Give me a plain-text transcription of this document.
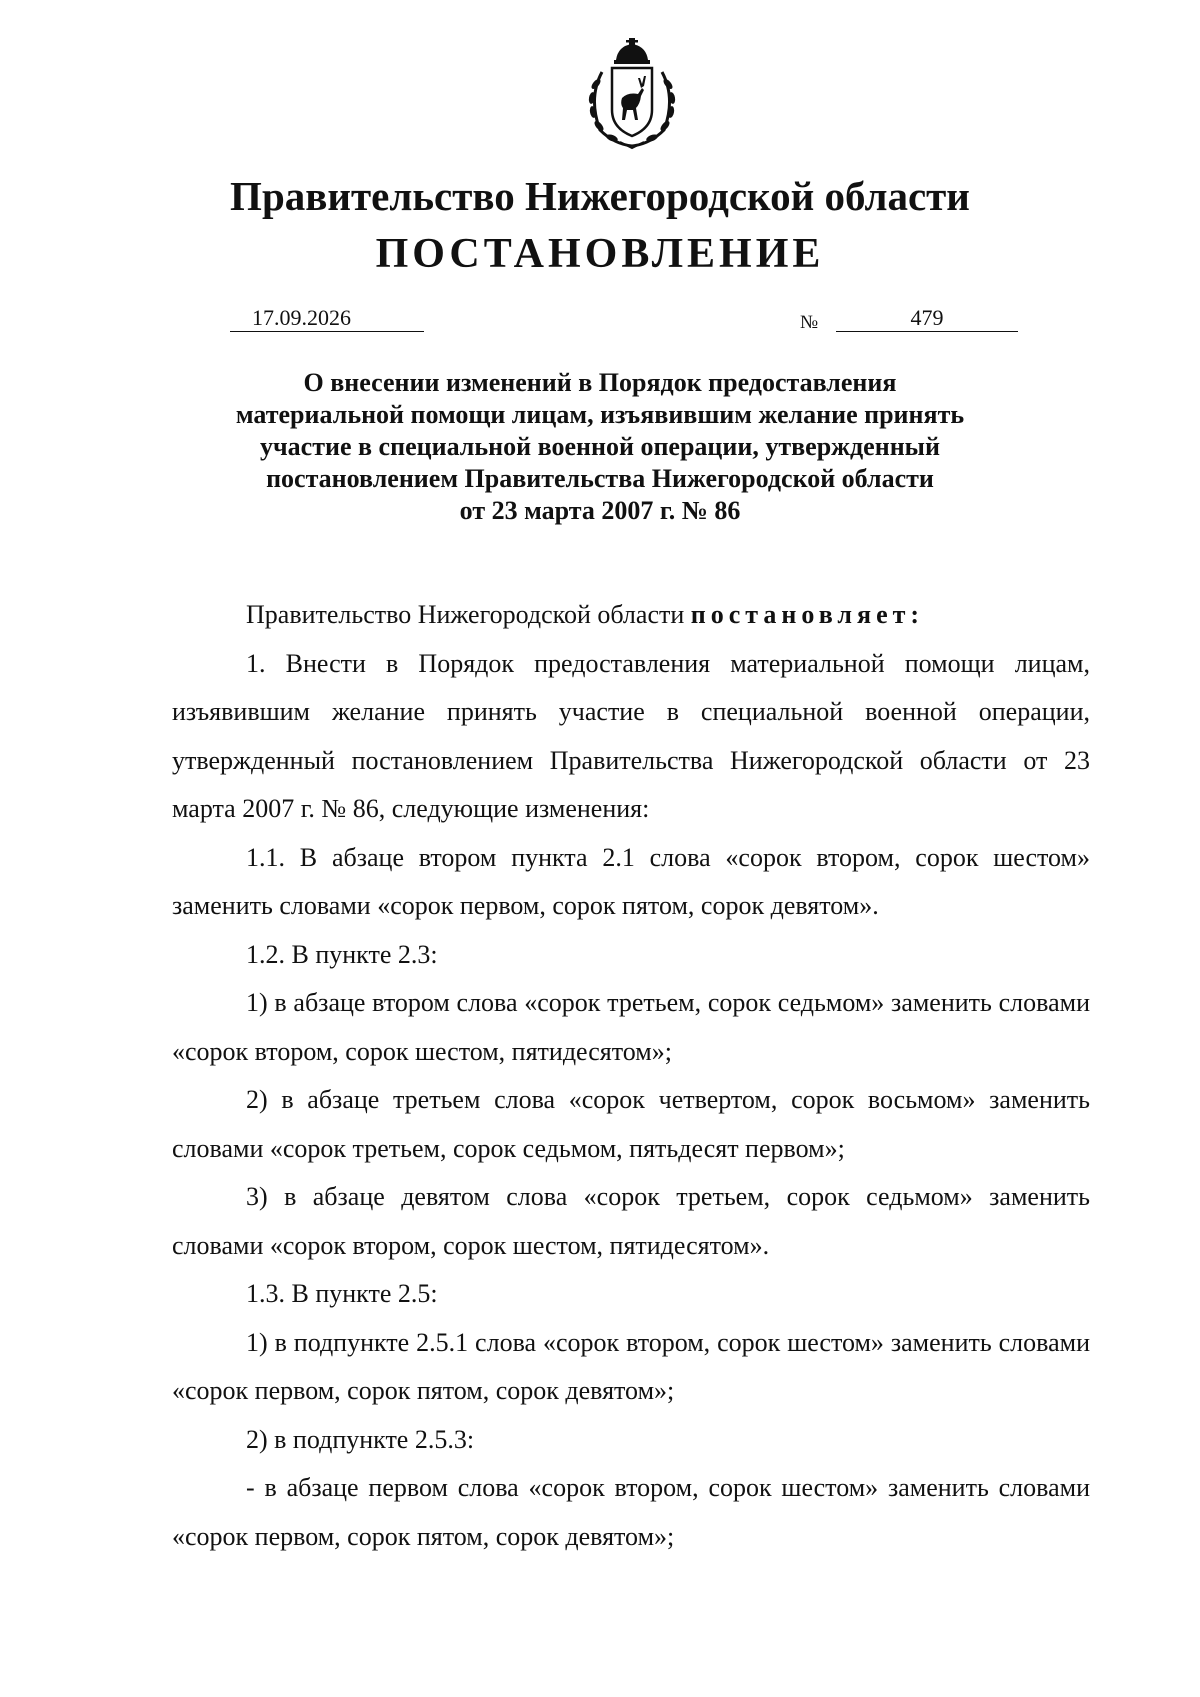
Правительство Нижегородской области
ПОСТАНОВЛЕНИЕ
17.09.2026	№	479
О внесении изменений в Порядок предоставления
материальной помощи лицам, изъявившим желание принять
участие в специальной военной операции, утвержденный
постановлением Правительства Нижегородской области
от 23 марта 2007 г. № 86

Правительство Нижегородской области постановляет:

1. Внести в Порядок предоставления материальной помощи лицам, изъявившим желание принять участие в специальной военной операции, утвержденный постановлением Правительства Нижегородской области от 23 марта 2007 г. № 86, следующие изменения:

1.1. В абзаце втором пункта 2.1 слова «сорок втором, сорок шестом» заменить словами «сорок первом, сорок пятом, сорок девятом».

1.2. В пункте 2.3:

1) в абзаце втором слова «сорок третьем, сорок седьмом» заменить словами «сорок втором, сорок шестом, пятидесятом»;

2) в абзаце третьем слова «сорок четвертом, сорок восьмом» заменить словами «сорок третьем, сорок седьмом, пятьдесят первом»;

3) в абзаце девятом слова «сорок третьем, сорок седьмом» заменить словами «сорок втором, сорок шестом, пятидесятом».

1.3. В пункте 2.5:

1) в подпункте 2.5.1 слова «сорок втором, сорок шестом» заменить словами «сорок первом, сорок пятом, сорок девятом»;

2) в подпункте 2.5.3:

- в абзаце первом слова «сорок втором, сорок шестом» заменить словами «сорок первом, сорок пятом, сорок девятом»;
